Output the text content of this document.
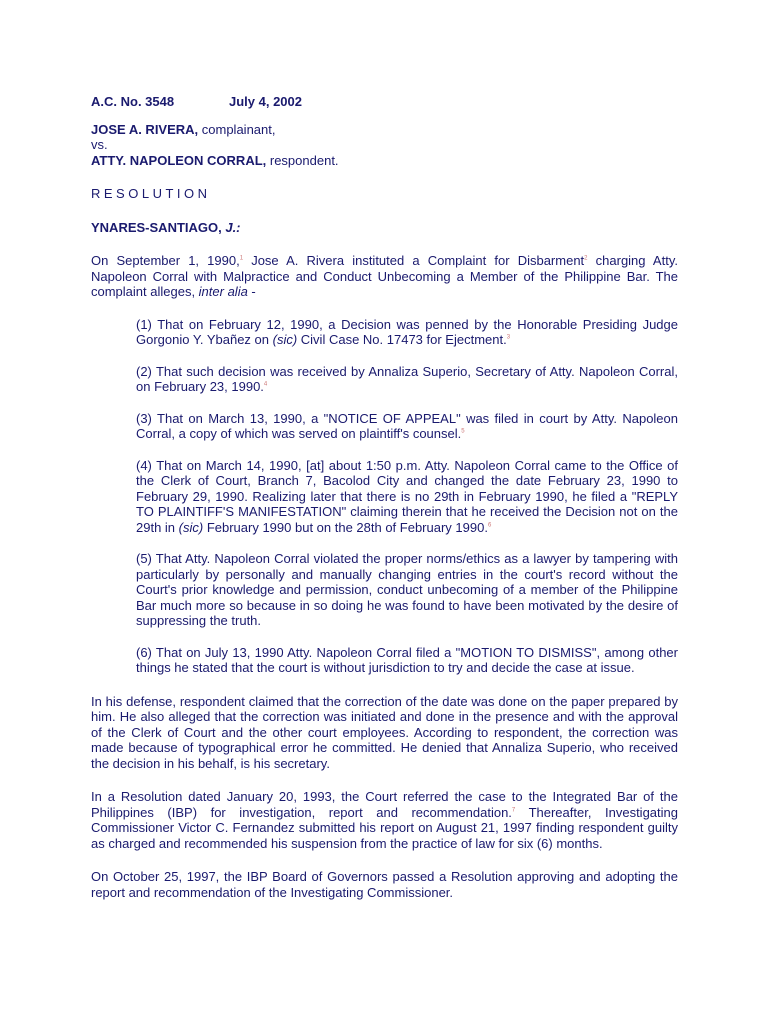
A.C. No. 3548	July 4, 2002
JOSE A. RIVERA, complainant,
vs.
ATTY. NAPOLEON CORRAL, respondent.
RESOLUTION
YNARES-SANTIAGO, J.:

On September 1, 1990,$^1$ Jose A. Rivera instituted a Complaint for Disbarment$^2$ charging Atty. Napoleon Corral with Malpractice and Conduct Unbecoming a Member of the Philippine Bar. The complaint alleges, inter alia -

(1) That on February 12, 1990, a Decision was penned by the Honorable Presiding Judge Gorgonio Y. Ybañez on (sic) Civil Case No. 17473 for Ejectment.$^3$

(2) That such decision was received by Annaliza Superio, Secretary of Atty. Napoleon Corral, on February 23, 1990.$^4$

(3) That on March 13, 1990, a "NOTICE OF APPEAL" was filed in court by Atty. Napoleon Corral, a copy of which was served on plaintiff's counsel.$^5$

(4) That on March 14, 1990, [at] about 1:50 p.m. Atty. Napoleon Corral came to the Office of the Clerk of Court, Branch 7, Bacolod City and changed the date February 23, 1990 to February 29, 1990. Realizing later that there is no 29th in February 1990, he filed a "REPLY TO PLAINTIFF'S MANIFESTATION" claiming therein that he received the Decision not on the 29th in (sic) February 1990 but on the 28th of February 1990.$^6$

(5) That Atty. Napoleon Corral violated the proper norms/ethics as a lawyer by tampering with particularly by personally and manually changing entries in the court's record without the Court's prior knowledge and permission, conduct unbecoming of a member of the Philippine Bar much more so because in so doing he was found to have been motivated by the desire of suppressing the truth.

(6) That on July 13, 1990 Atty. Napoleon Corral filed a "MOTION TO DISMISS", among other things he stated that the court is without jurisdiction to try and decide the case at issue.

In his defense, respondent claimed that the correction of the date was done on the paper prepared by him. He also alleged that the correction was initiated and done in the presence and with the approval of the Clerk of Court and the other court employees. According to respondent, the correction was made because of typographical error he committed. He denied that Annaliza Superio, who received the decision in his behalf, is his secretary.

In a Resolution dated January 20, 1993, the Court referred the case to the Integrated Bar of the Philippines (IBP) for investigation, report and recommendation.$^7$ Thereafter, Investigating Commissioner Victor C. Fernandez submitted his report on August 21, 1997 finding respondent guilty as charged and recommended his suspension from the practice of law for six (6) months.

On October 25, 1997, the IBP Board of Governors passed a Resolution approving and adopting the report and recommendation of the Investigating Commissioner.
